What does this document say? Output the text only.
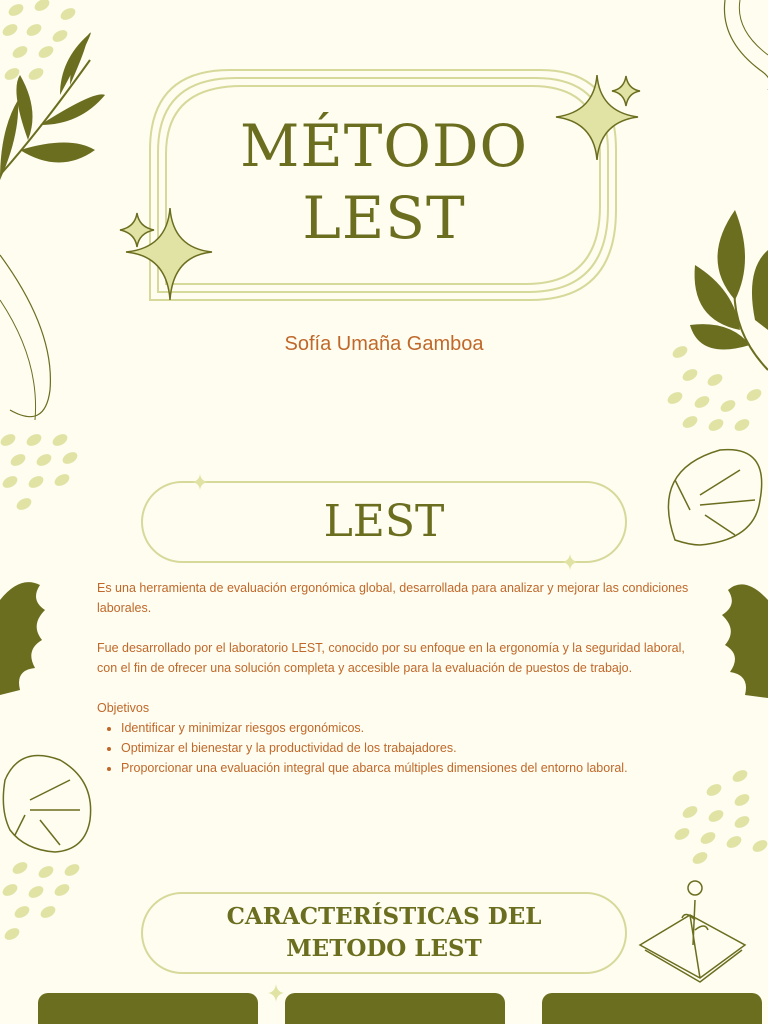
MÉTODO
LEST
Sofía Umaña Gamboa
LEST

Es una herramienta de evaluación ergonómica global, desarrollada para analizar y mejorar las condiciones laborales.

Fue desarrollado por el laboratorio LEST, conocido por su enfoque en la ergonomía y la seguridad laboral, con el fin de ofrecer una solución completa y accesible para la evaluación de puestos de trabajo.

Objetivos

• Identificar y minimizar riesgos ergonómicos.
• Optimizar el bienestar y la productividad de los trabajadores.
• Proporcionar una evaluación integral que abarca múltiples dimensiones del entorno laboral.
CARACTERÍSTICAS DEL
METODO LEST
